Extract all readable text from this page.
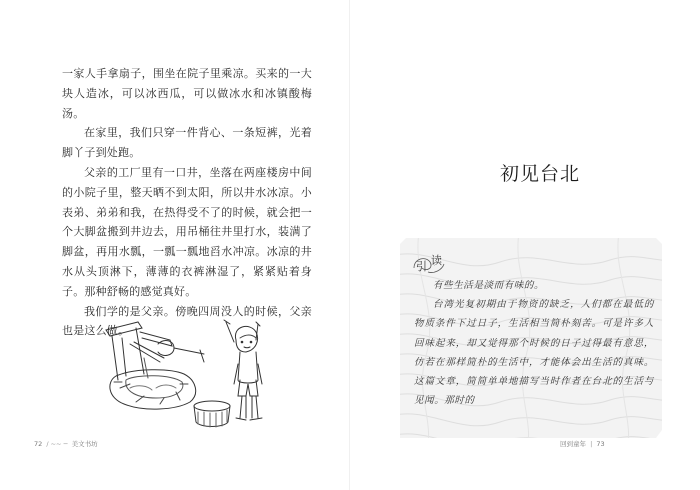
一家人手拿扇子，围坐在院子里乘凉。买来的一大块人造冰，可以冰西瓜，可以做冰水和冰镇酸梅汤。

在家里，我们只穿一件背心、一条短裤，光着脚丫子到处跑。

父亲的工厂里有一口井，坐落在两座楼房中间的小院子里，整天晒不到太阳，所以井水冰凉。小表弟、弟弟和我，在热得受不了的时候，就会把一个大脚盆搬到井边去，用吊桶往井里打水，装满了脚盆，再用水瓢，一瓢一瓢地舀水冲凉。冰凉的井水从头顶淋下，薄薄的衣裤淋湿了，紧紧贴着身子。那种舒畅的感觉真好。

我们学的是父亲。傍晚四周没人的时候，父亲也是这么做。

72 / ~~ ─ 美文书坊
初见台北
引 读

有些生活是淡而有味的。

台湾光复初期由于物资的缺乏，人们都在最低的物质条件下过日子，生活相当简朴刻苦。可是许多人回味起来，却又觉得那个时候的日子过得最有意思，仿若在那样简朴的生活中，才能体会出生活的真味。这篇文章，简简单单地描写当时作者在台北的生活与见闻。那时的

回到童年 | 73
